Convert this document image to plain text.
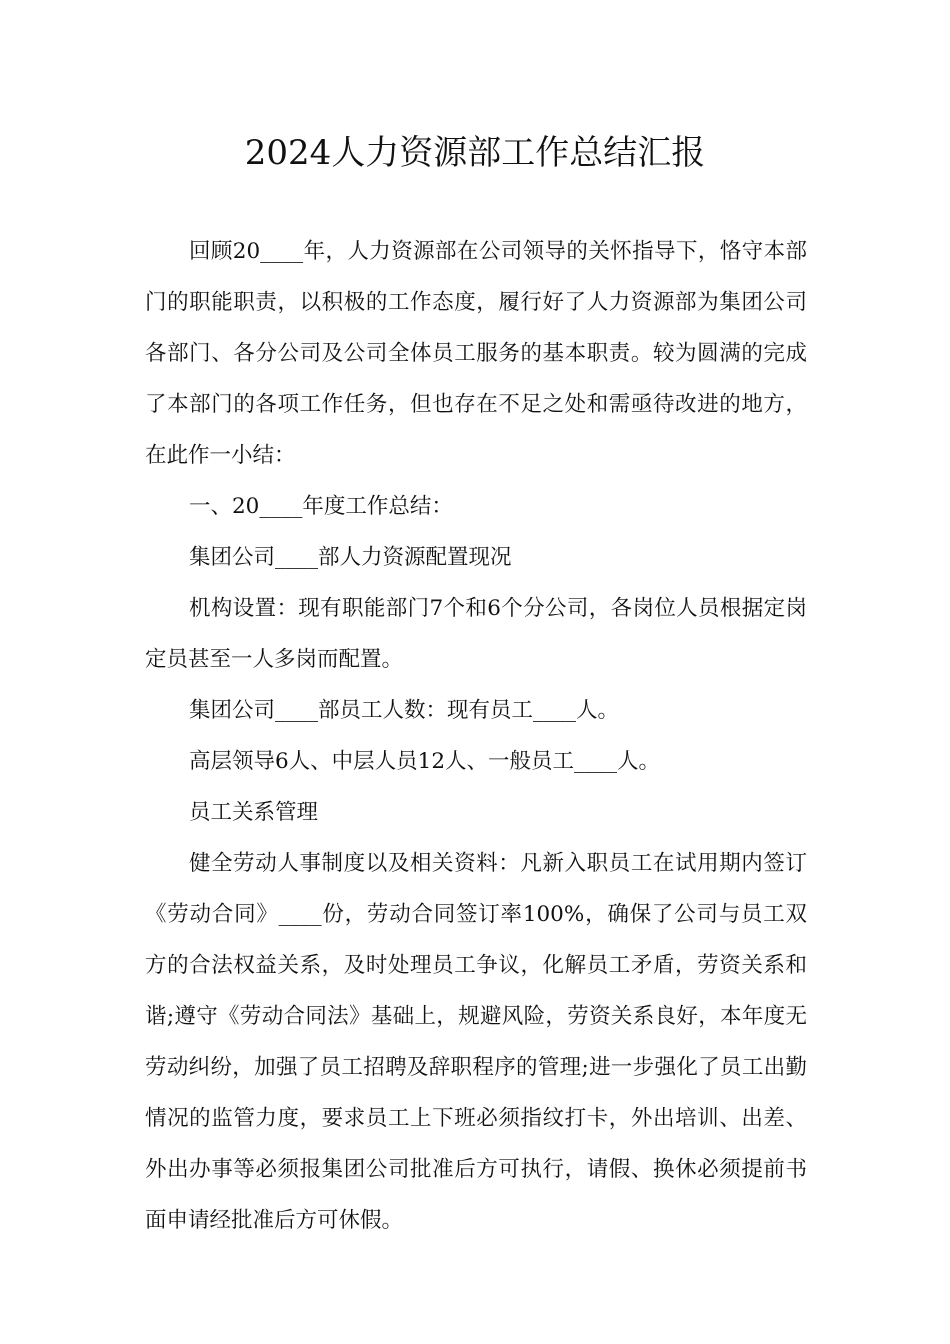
2024人力资源部工作总结汇报

回顾20____年，人力资源部在公司领导的关怀指导下，恪守本部门的职能职责，以积极的工作态度，履行好了人力资源部为集团公司各部门、各分公司及公司全体员工服务的基本职责。较为圆满的完成了本部门的各项工作任务，但也存在不足之处和需亟待改进的地方，在此作一小结：

一、20____年度工作总结：

集团公司____部人力资源配置现况

机构设置：现有职能部门7个和6个分公司，各岗位人员根据定岗定员甚至一人多岗而配置。

集团公司____部员工人数：现有员工____人。

高层领导6人、中层人员12人、一般员工____人。

员工关系管理

健全劳动人事制度以及相关资料：凡新入职员工在试用期内签订《劳动合同》____份，劳动合同签订率100%，确保了公司与员工双方的合法权益关系，及时处理员工争议，化解员工矛盾，劳资关系和谐;遵守《劳动合同法》基础上，规避风险，劳资关系良好，本年度无劳动纠纷，加强了员工招聘及辞职程序的管理;进一步强化了员工出勤情况的监管力度，要求员工上下班必须指纹打卡，外出培训、出差、外出办事等必须报集团公司批准后方可执行，请假、换休必须提前书面申请经批准后方可休假。
